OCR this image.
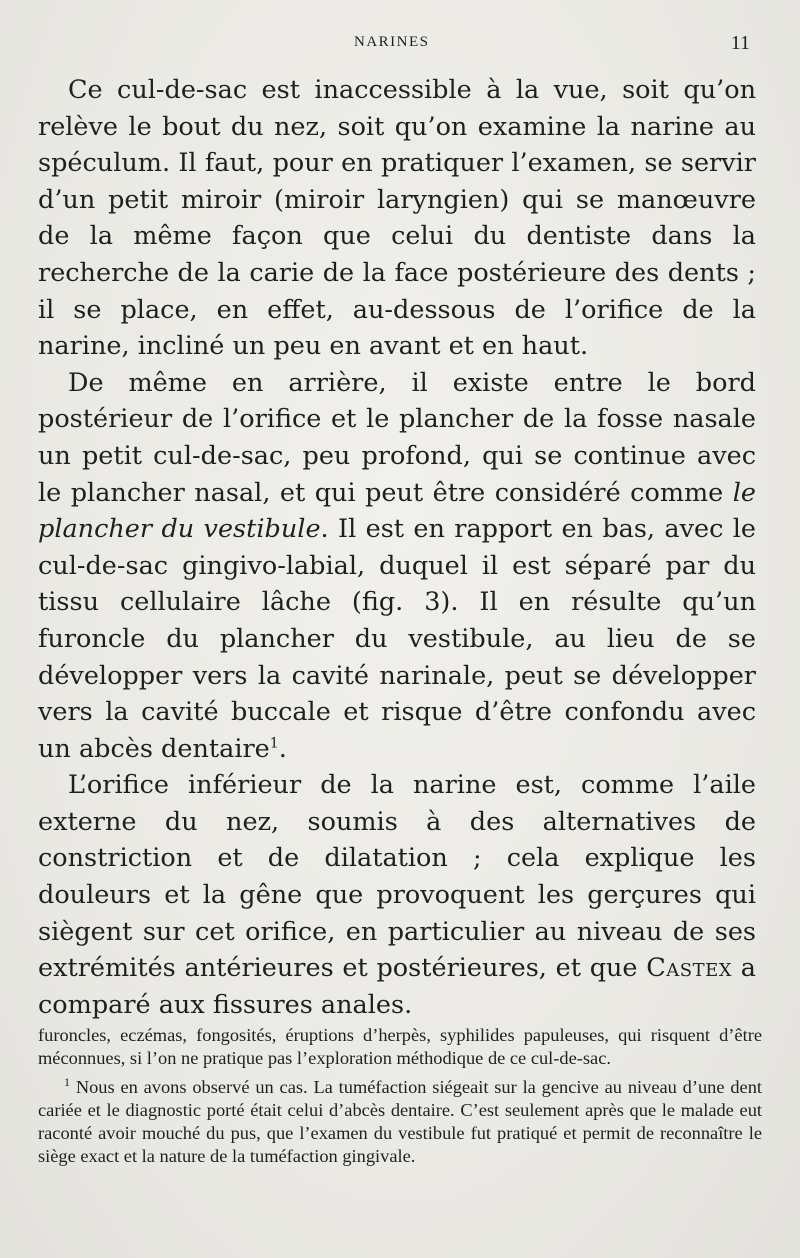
NARINES	11

Ce cul-de-sac est inaccessible à la vue, soit qu’on relève le bout du nez, soit qu’on examine la narine au spéculum. Il faut, pour en pratiquer l’examen, se servir d’un petit miroir (miroir laryngien) qui se manœuvre de la même façon que celui du dentiste dans la recherche de la carie de la face postérieure des dents ; il se place, en effet, au-dessous de l’orifice de la narine, incliné un peu en avant et en haut.

De même en arrière, il existe entre le bord postérieur de l’orifice et le plancher de la fosse nasale un petit cul-de-sac, peu profond, qui se continue avec le plancher nasal, et qui peut être considéré comme le plancher du vestibule. Il est en rapport en bas, avec le cul-de-sac gingivo-labial, duquel il est séparé par du tissu cellulaire lâche (fig. 3). Il en résulte qu’un furoncle du plancher du vestibule, au lieu de se développer vers la cavité narinale, peut se développer vers la cavité buccale et risque d’être confondu avec un abcès dentaire$^1$.

L’orifice inférieur de la narine est, comme l’aile externe du nez, soumis à des alternatives de constriction et de dilatation ; cela explique les douleurs et la gêne que provoquent les gerçures qui siègent sur cet orifice, en particulier au niveau de ses extrémités antérieures et postérieures, et que Castex a comparé aux fissures anales.

furoncles, eczémas, fongosités, éruptions d’herpès, syphilides papuleuses, qui risquent d’être méconnues, si l’on ne pratique pas l’exploration méthodique de ce cul-de-sac.

$^1$ Nous en avons observé un cas. La tuméfaction siégeait sur la gencive au niveau d’une dent cariée et le diagnostic porté était celui d’abcès dentaire. C’est seulement après que le malade eut raconté avoir mouché du pus, que l’examen du vestibule fut pratiqué et permit de reconnaître le siège exact et la nature de la tuméfaction gingivale.
